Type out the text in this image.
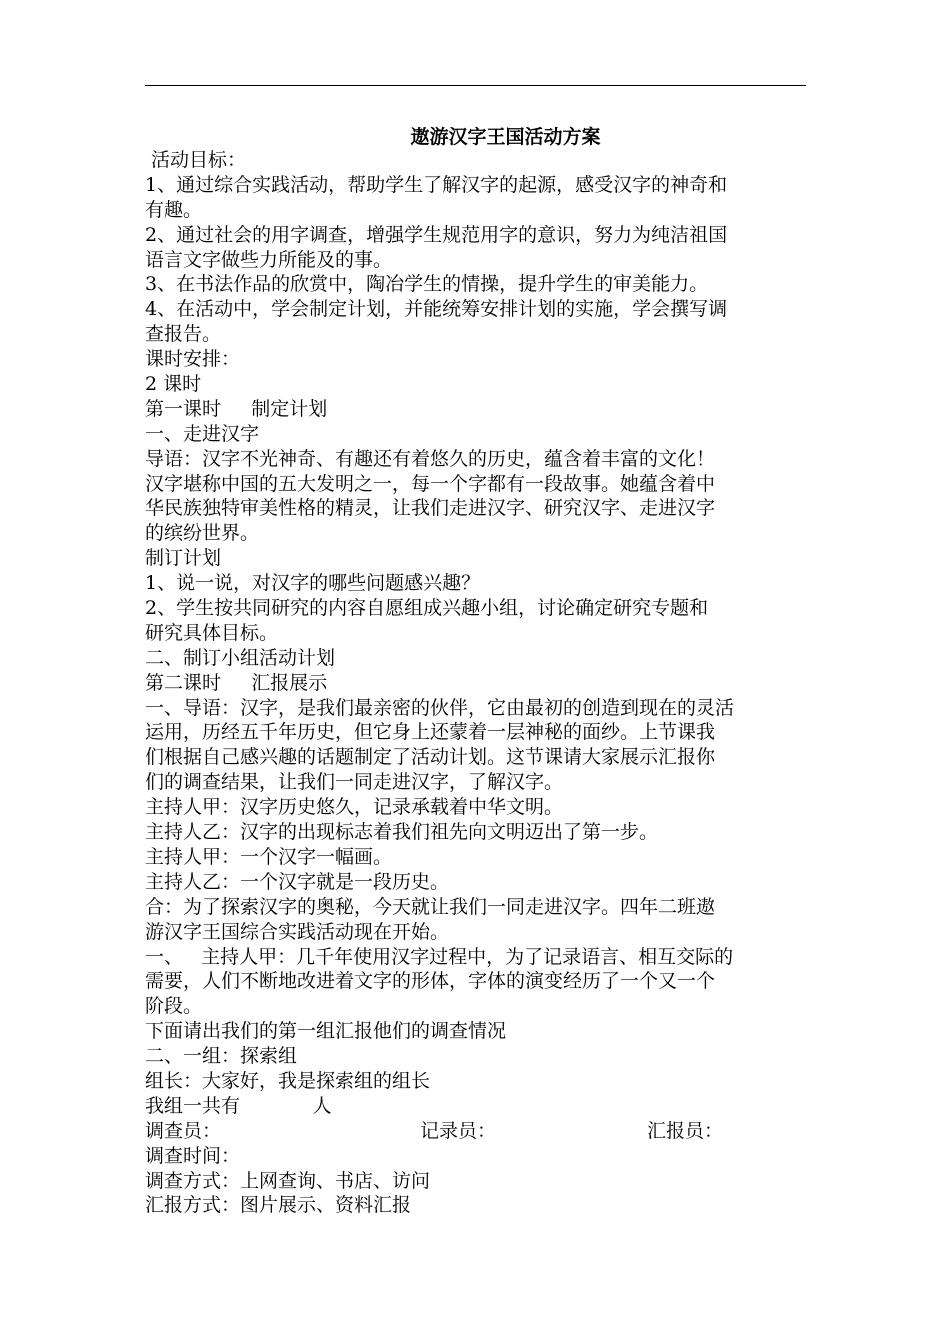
遨游汉字王国活动方案
活动目标：
1、通过综合实践活动，帮助学生了解汉字的起源，感受汉字的神奇和
有趣。
2、通过社会的用字调查，增强学生规范用字的意识，努力为纯洁祖国
语言文字做些力所能及的事。
3、在书法作品的欣赏中，陶冶学生的情操，提升学生的审美能力。
4、在活动中，学会制定计划，并能统筹安排计划的实施，学会撰写调
查报告。
课时安排：
2 课时
第一课时     制定计划
一、走进汉字
导语：汉字不光神奇、有趣还有着悠久的历史，蕴含着丰富的文化！
汉字堪称中国的五大发明之一，每一个字都有一段故事。她蕴含着中
华民族独特审美性格的精灵，让我们走进汉字、研究汉字、走进汉字
的缤纷世界。
制订计划
1、说一说，对汉字的哪些问题感兴趣？
2、学生按共同研究的内容自愿组成兴趣小组，讨论确定研究专题和
研究具体目标。
二、制订小组活动计划
第二课时     汇报展示
一、导语：汉字，是我们最亲密的伙伴，它由最初的创造到现在的灵活
运用，历经五千年历史，但它身上还蒙着一层神秘的面纱。上节课我
们根据自己感兴趣的话题制定了活动计划。这节课请大家展示汇报你
们的调查结果，让我们一同走进汉字，了解汉字。
主持人甲：汉字历史悠久，记录承载着中华文明。
主持人乙：汉字的出现标志着我们祖先向文明迈出了第一步。
主持人甲：一个汉字一幅画。
主持人乙：一个汉字就是一段历史。
合：为了探索汉字的奥秘，今天就让我们一同走进汉字。四年二班遨
游汉字王国综合实践活动现在开始。
一、   主持人甲：几千年使用汉字过程中，为了记录语言、相互交际的
需要，人们不断地改进着文字的形体，字体的演变经历了一个又一个
阶段。
下面请出我们的第一组汇报他们的调查情况
二、一组：探索组
组长：大家好，我是探索组的组长
我组一共有            人
调查员：	记录员：	汇报员：
调查时间：
调查方式：上网查询、书店、访问
汇报方式：图片展示、资料汇报
